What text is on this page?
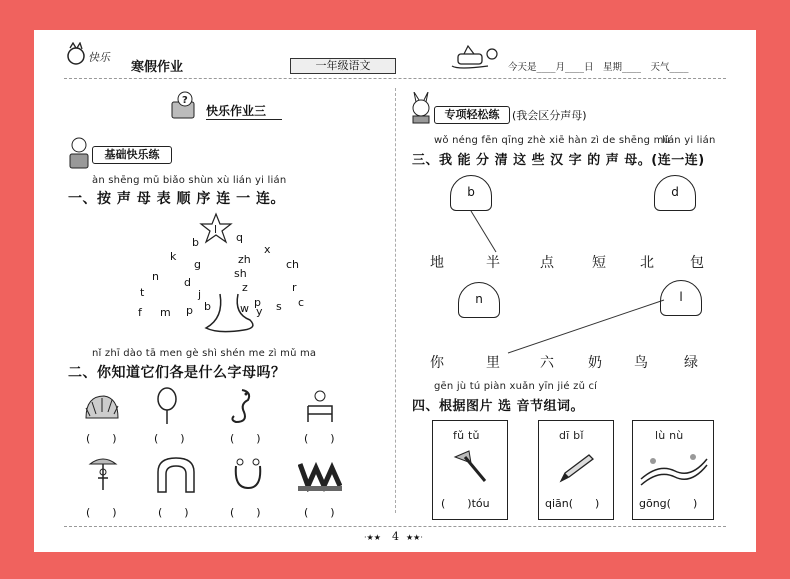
快乐
寒假作业	一年级语文	今天是____月____日　星期____　天气____
?
快乐作业三
基础快乐练
àn shēng mǔ biǎo shùn xù lián yi lián
一、按 声 母 表 顺 序 连 一 连。
l
q
b
x
k
g	zh	ch
n	sh
z
d	r
t	j
p s c
f m p b	w y
nǐ zhī dào tā men gè shì shén me zì mǔ ma
二、你知道它们各是什么字母吗？
(　　)	(　　)	(　　)	(　　)
(　　)	(　　)	(　　)	(　　)
专项轻松练	(我会区分声母)
wǒ néng fēn qīng zhè xiē hàn zì de shēng mǔ
lián yi lián
三、我 能 分 清 这 些 汉 字 的 声 母。(连一连)
b	d
地	半	点	短 北	包
n	l
你	里	六 奶 鸟	绿
gēn jù tú piàn xuǎn yīn jié zǔ cí
四、根据图片 选 音节组词。
fǔ tǔ
(　　)tóu
dī bǐ
qiān(　　)
lù nù
gōng(　　)
·★★ 4 ★★·
